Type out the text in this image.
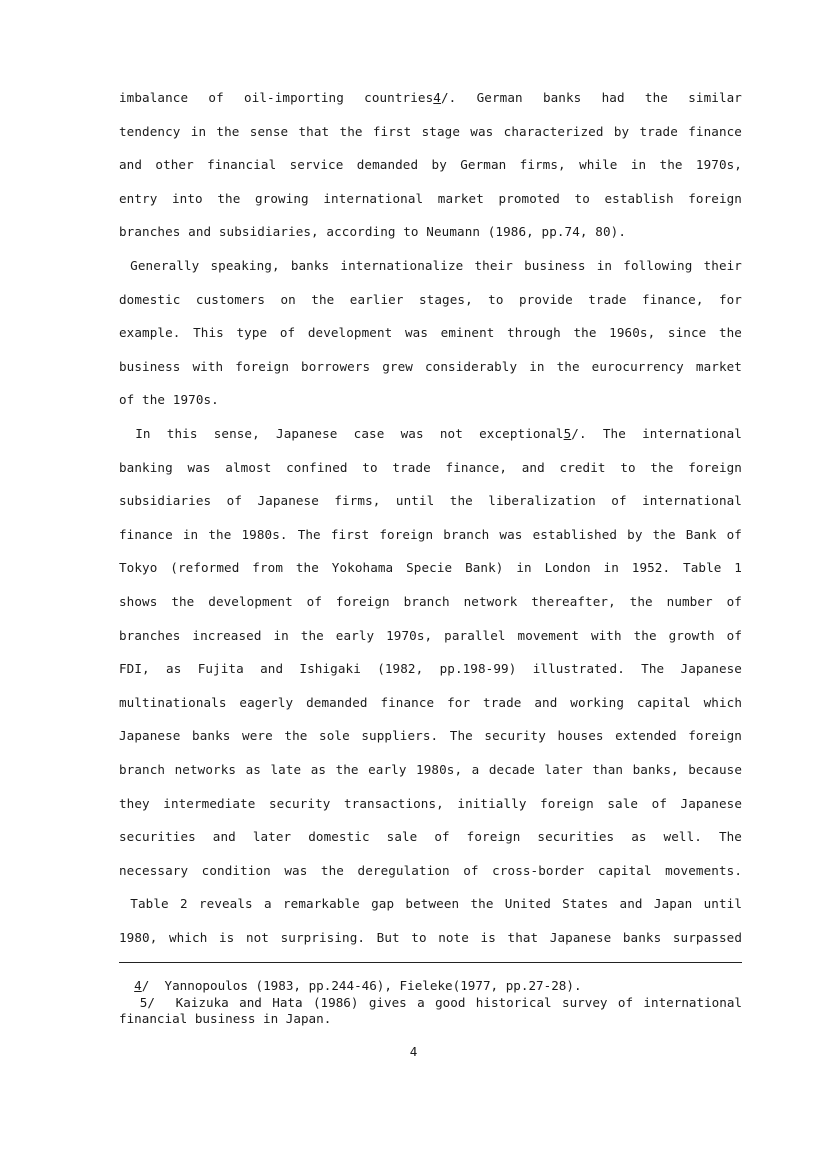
imbalance of oil-importing countries4/. German banks had the similar
tendency in the sense that the first stage was characterized by trade finance
and other financial service demanded by German firms, while in the 1970s,
entry into the growing international market promoted to establish foreign
branches and subsidiaries, according to Neumann (1986, pp.74, 80).
Generally speaking, banks internationalize their business in following their
domestic customers on the earlier stages, to provide trade finance, for
example. This type of development was eminent through the 1960s, since the
business with foreign borrowers grew considerably in the eurocurrency market
of the 1970s.
In this sense, Japanese case was not exceptional5/. The international
banking was almost confined to trade finance, and credit to the foreign
subsidiaries of Japanese firms, until the liberalization of international
finance in the 1980s. The first foreign branch was established by the Bank of
Tokyo (reformed from the Yokohama Specie Bank) in London in 1952. Table 1
shows the development of foreign branch network thereafter, the number of
branches increased in the early 1970s, parallel movement with the growth of
FDI, as Fujita and Ishigaki (1982, pp.198-99) illustrated. The Japanese
multinationals eagerly demanded finance for trade and working capital which
Japanese banks were the sole suppliers. The security houses extended foreign
branch networks as late as the early 1980s, a decade later than banks, because
they intermediate security transactions, initially foreign sale of Japanese
securities and later domestic sale of foreign securities as well. The
necessary condition was the deregulation of cross-border capital movements.
Table 2 reveals a remarkable gap between the United States and Japan until
1980, which is not surprising. But to note is that Japanese banks surpassed
4/  Yannopoulos (1983, pp.244-46), Fieleke(1977, pp.27-28).
5/  Kaizuka and Hata (1986) gives a good historical survey of international
financial business in Japan.
4
